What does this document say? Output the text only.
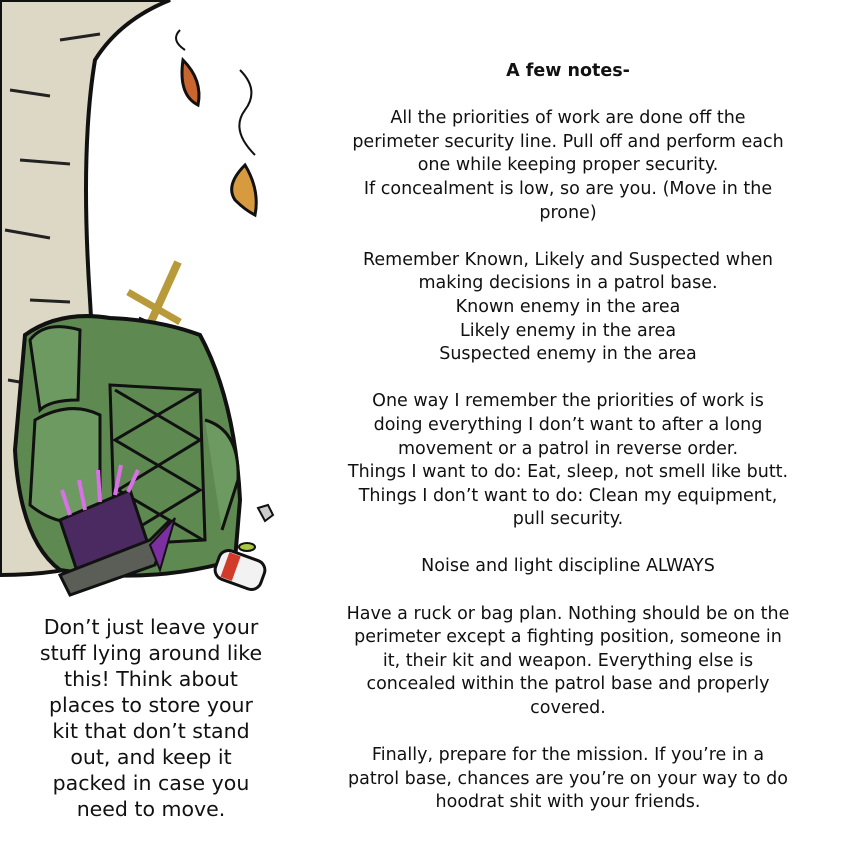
A few notes-
All the priorities of work are done off the
perimeter security line. Pull off and perform each
one while keeping proper security.
If concealment is low, so are you. (Move in the
prone)
Remember Known, Likely and Suspected when
making decisions in a patrol base.
Known enemy in the area
Likely enemy in the area
Suspected enemy in the area
One way I remember the priorities of work is
doing everything I don’t want to after a long
movement or a patrol in reverse order.
Things I want to do: Eat, sleep, not smell like butt.
Things I don’t want to do: Clean my equipment,
pull security.
Noise and light discipline ALWAYS
Have a ruck or bag plan. Nothing should be on the
perimeter except a fighting position, someone in
it, their kit and weapon. Everything else is
concealed within the patrol base and properly
covered.
Finally, prepare for the mission. If you’re in a
patrol base, chances are you’re on your way to do
hoodrat shit with your friends.
Don’t just leave your
stuff lying around like
this! Think about
places to store your
kit that don’t stand
out, and keep it
packed in case you
need to move.
